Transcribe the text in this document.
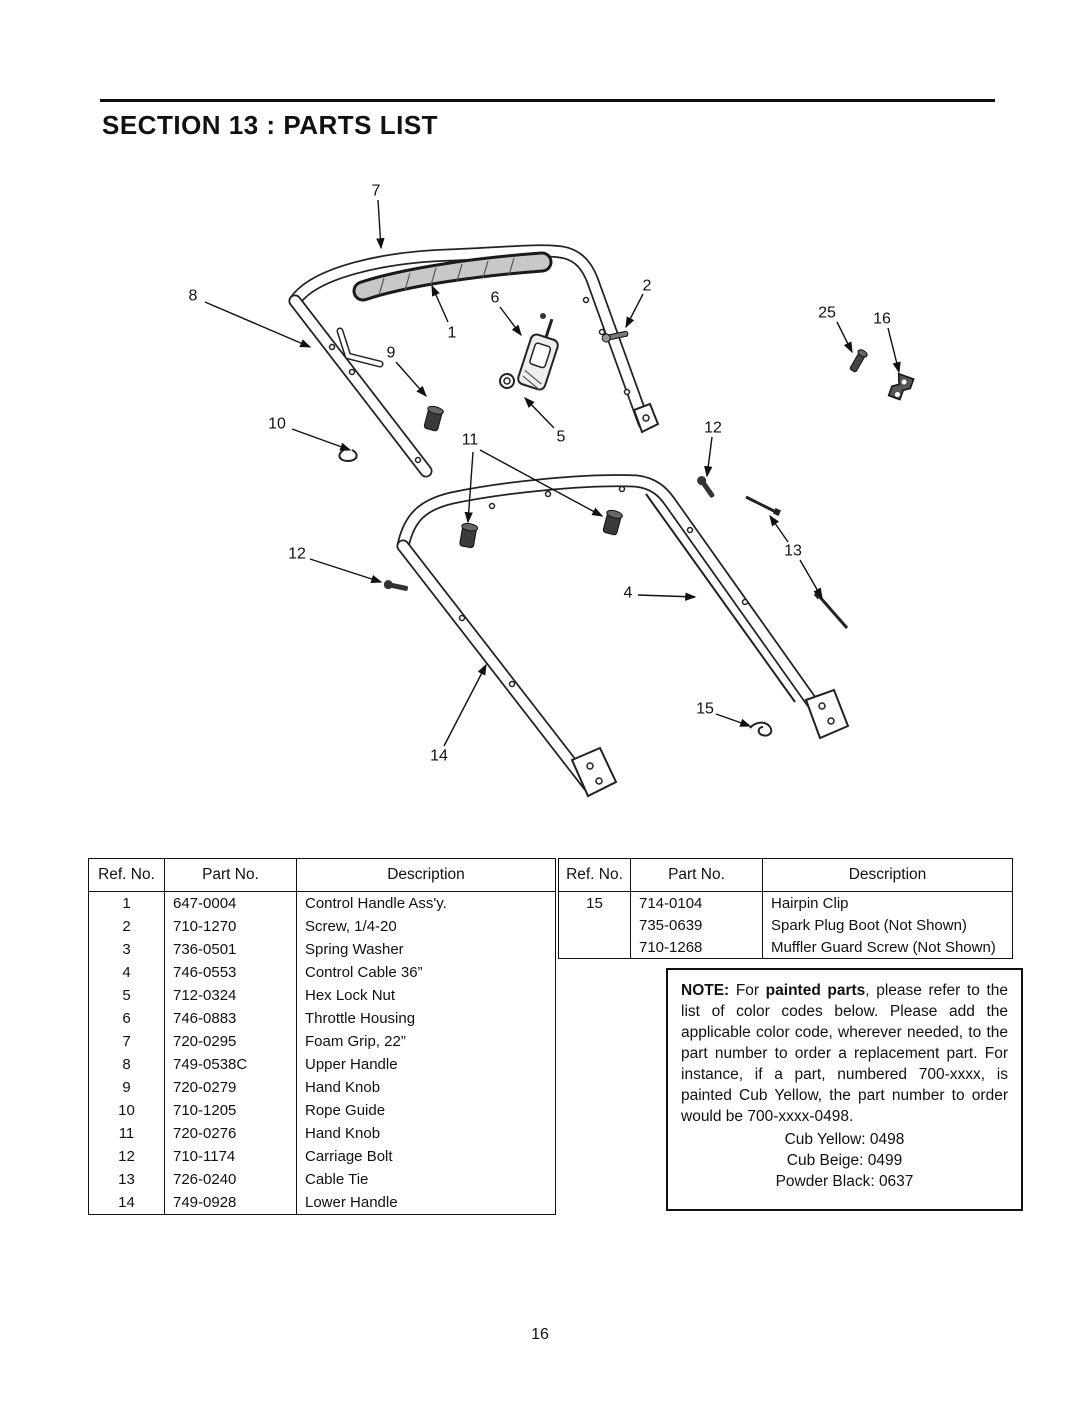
SECTION 13 : PARTS LIST
7
8
9
10
1
6
2
25 16
5
11
12
13
12
4
14
15
Ref. No.	Part No.	Description
1	647-0004	Control Handle Ass'y.
2	710-1270	Screw, 1/4-20
3	736-0501	Spring Washer
4	746-0553	Control Cable 36”
5	712-0324	Hex Lock Nut
6	746-0883	Throttle Housing
7	720-0295	Foam Grip, 22”
8	749-0538C	Upper Handle
9	720-0279	Hand Knob
10	710-1205	Rope Guide
11	720-0276	Hand Knob
12	710-1174	Carriage Bolt
13	726-0240	Cable Tie
14	749-0928	Lower Handle
Ref. No.	Part No.	Description
15	714-0104	Hairpin Clip
	735-0639	Spark Plug Boot (Not Shown)
	710-1268	Muffler Guard Screw (Not Shown)

NOTE: For painted parts, please refer to the list of color codes below. Please add the applicable color code, wherever needed, to the part number to order a replacement part. For instance, if a part, numbered 700-xxxx, is painted Cub Yellow, the part number to order would be 700-xxxx-0498.

Cub Yellow: 0498
Cub Beige: 0499
Powder Black: 0637
16
